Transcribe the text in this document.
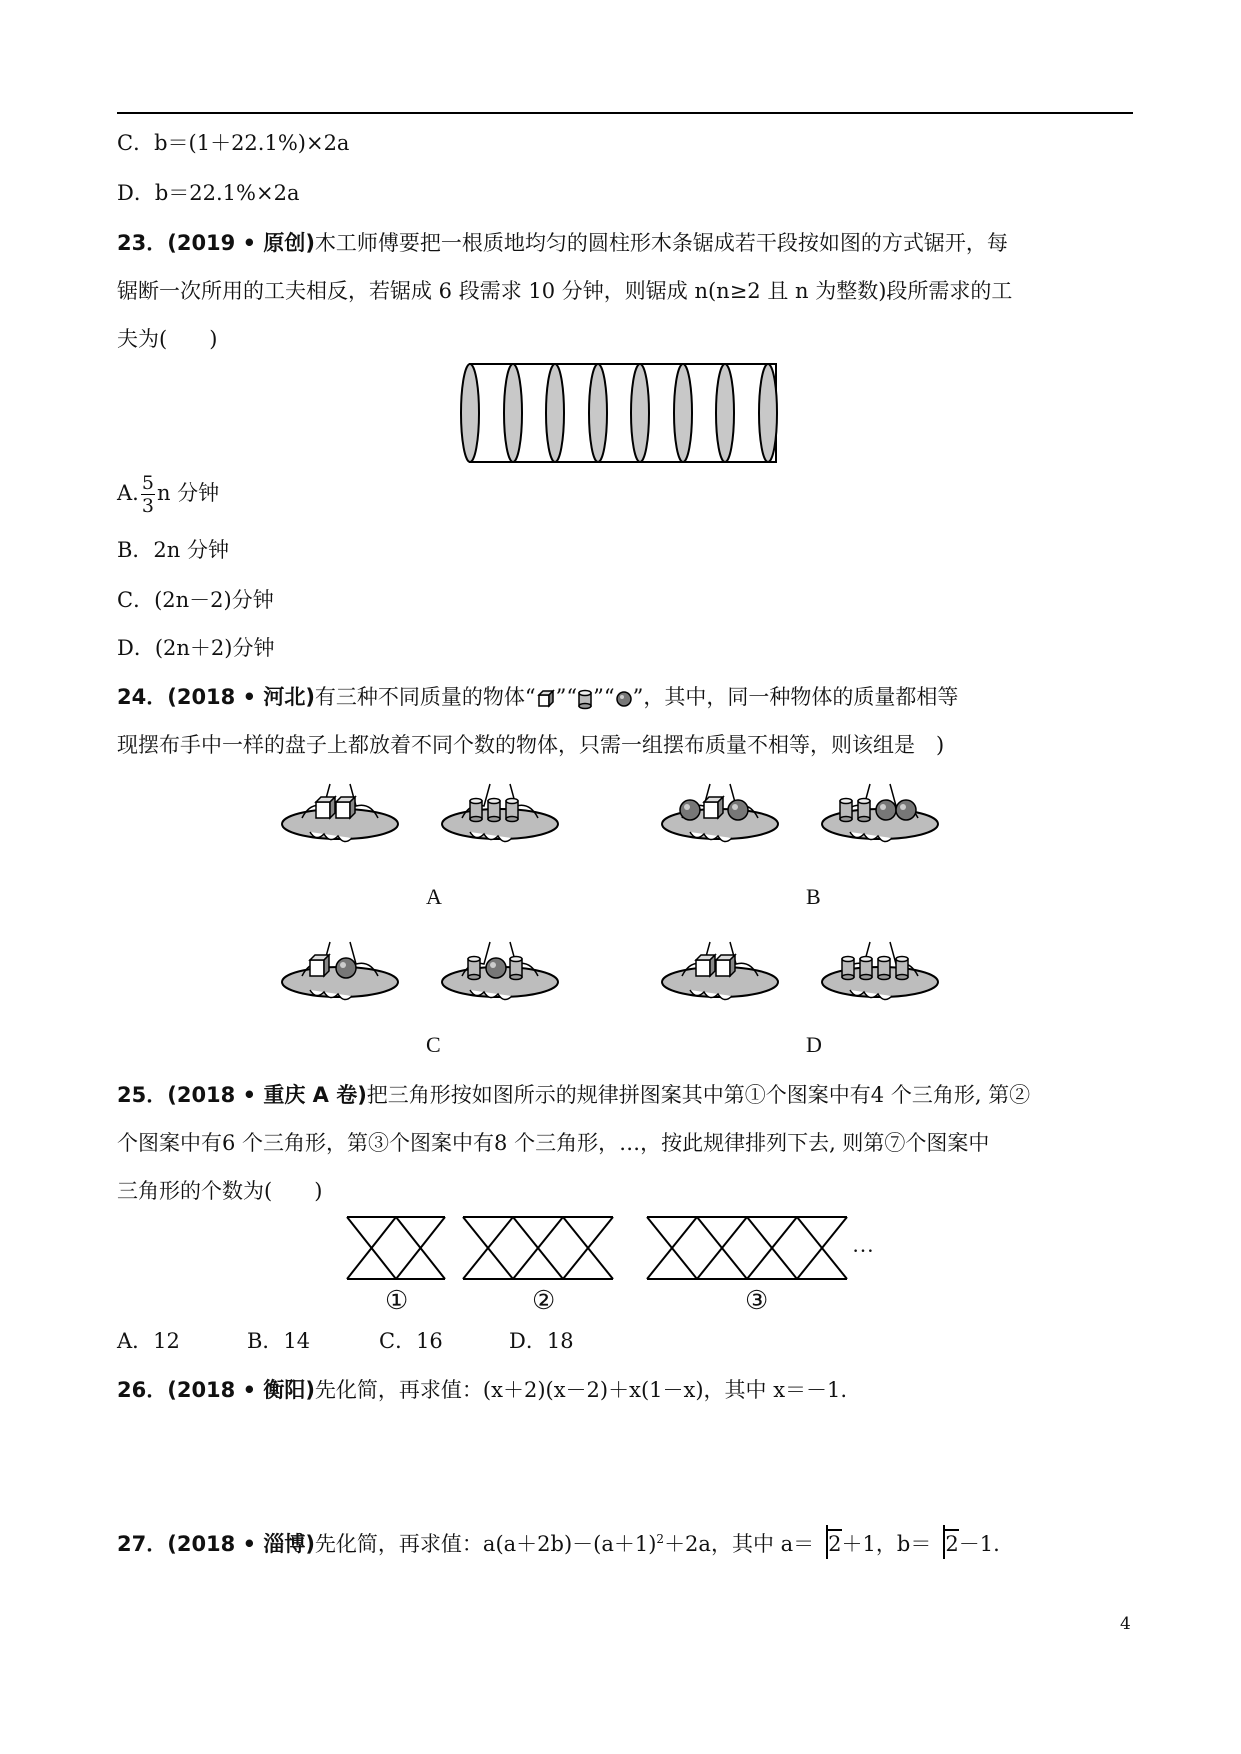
C．b＝(1＋22.1%)×2a
D．b＝22.1%×2a
23．(2019 • 原创)木工师傅要把一根质地均匀的圆柱形木条锯成若干段按如图的方式锯开，每
锯断一次所用的工夫相反，若锯成 6 段需求 10 分钟，则锯成 n(n≥2 且 n 为整数)段所需求的工
夫为(　　)
A. $\frac{5}{3}$ n 分钟
B．2n 分钟
C．(2n－2)分钟
D．(2n＋2)分钟
24．(2018 • 河北)有三种不同质量的物体“ ”“ ”“ ”，其中，同一种物体的质量都相等
现摆布手中一样的盘子上都放着不同个数的物体，只需一组摆布质量不相等，则该组是　)
A	B
C	D
25．(2018 • 重庆 A 卷)把三角形按如图所示的规律拼图案其中第①个图案中有4 个三角形, 第②
个图案中有6 个三角形，第③个图案中有8 个三角形，…，按此规律排列下去, 则第⑦个图案中
三角形的个数为(　　)
…
①	②	③
A．12	B．14	C．16	D．18
26．(2018 • 衡阳)先化简，再求值：(x＋2)(x－2)＋x(1－x)，其中 x＝－1.
27．(2018 • 淄博)先化简，再求值：$a(a+2b)-(a+1)^2+2a$，其中 a＝ 2＋1，b＝ 2－1.
4
